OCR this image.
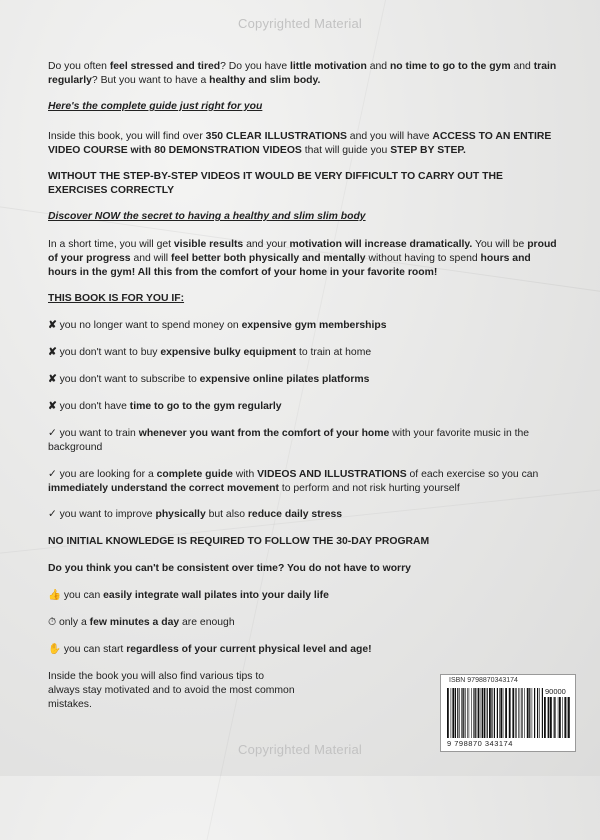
Copyrighted Material

Do you often feel stressed and tired? Do you have little motivation and no time to go to the gym and train regularly? But you want to have a healthy and slim body.

Here's the complete guide just right for you

Inside this book, you will find over 350 CLEAR ILLUSTRATIONS and you will have ACCESS TO AN ENTIRE VIDEO COURSE with 80 DEMONSTRATION VIDEOS that will guide you STEP BY STEP.

WITHOUT THE STEP-BY-STEP VIDEOS IT WOULD BE VERY DIFFICULT TO CARRY OUT THE EXERCISES CORRECTLY

Discover NOW the secret to having a healthy and slim slim body

In a short time, you will get visible results and your motivation will increase dramatically. You will be proud of your progress and will feel better both physically and mentally without having to spend hours and hours in the gym! All this from the comfort of your home in your favorite room!

THIS BOOK IS FOR YOU IF:

✘ you no longer want to spend money on expensive gym memberships

✘ you don't want to buy expensive bulky equipment to train at home

✘ you don't want to subscribe to expensive online pilates platforms

✘ you don't have time to go to the gym regularly

✓ you want to train whenever you want from the comfort of your home with your favorite music in the background

✓ you are looking for a complete guide with VIDEOS AND ILLUSTRATIONS of each exercise so you can immediately understand the correct movement to perform and not risk hurting yourself

✓ you want to improve physically but also reduce daily stress

NO INITIAL KNOWLEDGE IS REQUIRED TO FOLLOW THE 30-DAY PROGRAM

Do you think you can't be consistent over time? You do not have to worry

👍 you can easily integrate wall pilates into your daily life

⏱ only a few minutes a day are enough

✋ you can start regardless of your current physical level and age!

Inside the book you will also find various tips to always stay motivated and to avoid the most common mistakes.

ISBN 9798870343174
90000
9 798870 343174
Copyrighted Material
